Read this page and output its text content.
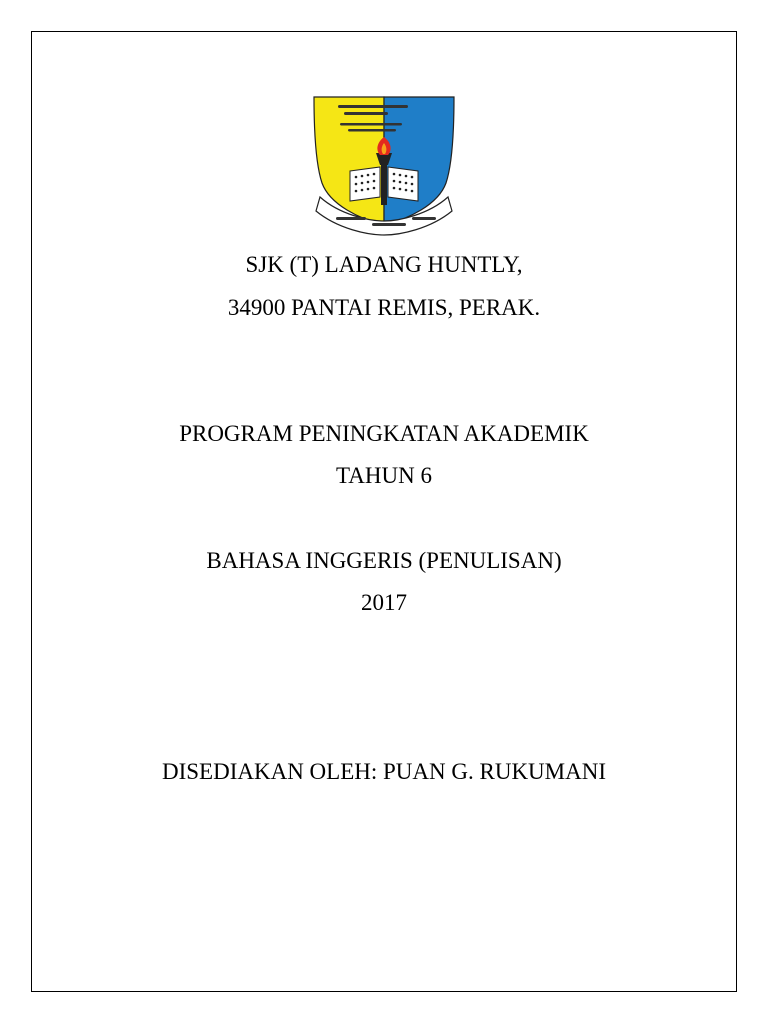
SJK (T) LADANG HUNTLY,
34900 PANTAI REMIS, PERAK.
PROGRAM PENINGKATAN AKADEMIK
TAHUN 6
BAHASA INGGERIS (PENULISAN)
2017
DISEDIAKAN OLEH: PUAN G. RUKUMANI
